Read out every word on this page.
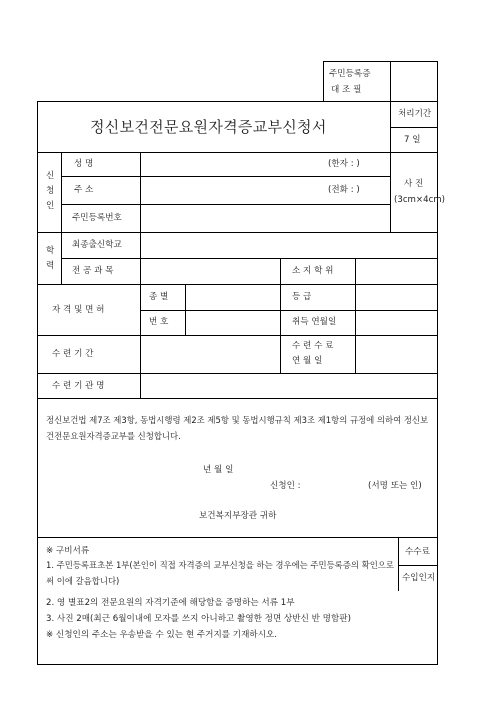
주민등록증
대 조 필
정신보건전문요원자격증교부신청서
처리기간
7 일
신
청
인
성 명	(한자 : )
주 소	(전화 : )
주민등록번호
사 진
(3cm×4cm)
학
력
최종출신학교
전 공 과 목	소 지 학 위
자 격 및 면 허
종 별	등 급
번 호	취득 연월일
수 련 기 간
수 련 수 료
연 월 일
수 련 기 관 명
정신보건법 제7조 제3항, 동법시행령 제2조 제5항 및 동법시행규칙 제3조 제1항의 규정에 의하여 정신보건전문요원자격증교부를 신청합니다.
년 월 일
신청인 :	(서명 또는 인)
보건복지부장관 귀하
※ 구비서류
1. 주민등록표초본 1부(본인이 직접 자격증의 교부신청을 하는 경우에는 주민등록증의 확인으로써 이에 갈음합니다)
2. 영 별표2의 전문요원의 자격기준에 해당함을 증명하는 서류 1부
3. 사진 2매(최근 6월이내에 모자를 쓰지 아니하고 촬영한 정면 상반신 반 명함판)
※ 신청인의 주소는 우송받을 수 있는 현 주거지를 기재하시오.
수수료
수입인지
